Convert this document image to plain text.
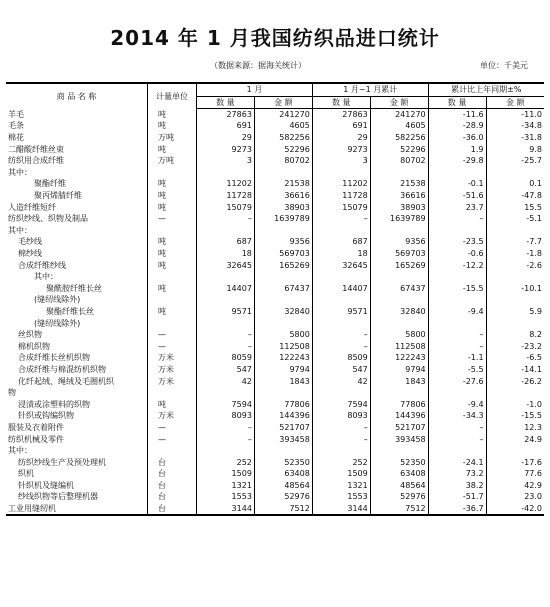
2014 年 1 月我国纺织品进口统计
（数据来源：据海关统计）	单位：千美元
商 品 名 称	计量单位	1 月		1 月~1 月累计		累计比上年同期±%	
		数 量	金 额	数 量	金 额	数 量	金 额
羊毛	吨	27863	241270	27863	241270	-11.6	-11.0
毛条	吨	691	4605	691	4605	-28.9	-34.8
棉花	万吨	29	582256	29	582256	-36.0	-31.8
二醋酸纤维丝束	吨	9273	52296	9273	52296	1.9	9.8
纺织用合成纤维	万吨	3	80702	3	80702	-29.8	-25.7
其中：							
聚酯纤维	吨	11202	21538	11202	21538	-0.1	0.1
聚丙烯腈纤维	吨	11728	36616	11728	36616	-51.6	-47.8
人造纤维短纤	吨	15079	38903	15079	38903	23.7	15.5
纺织纱线、织物及制品	—	–	1639789	–	1639789	–	-5.1
其中：							
毛纱线	吨	687	9356	687	9356	-23.5	-7.7
棉纱线	吨	18	569703	18	569703	-0.6	-1.8
合成纤维纱线	吨	32645	165269	32645	165269	-12.2	-2.6
其中：							
聚酰胺纤维长丝	吨	14407	67437	14407	67437	-15.5	-10.1
(缝纫线除外)							
聚酯纤维长丝	吨	9571	32840	9571	32840	-9.4	5.9
(缝纫线除外)							
丝织物	—	–	5800	–	5800	–	8.2
棉机织物	—	–	112508	–	112508	–	-23.2
合成纤维长丝机织物	万米	8059	122243	8509	122243	-1.1	-6.5
合成纤维与棉混纺机织物	万米	547	9794	547	9794	-5.5	-14.1
化纤起绒、绳绒及毛圈机织	万米	42	1843	42	1843	-27.6	-26.2
物							
浸渍或涂塑料的织物	吨	7594	77806	7594	77806	-9.4	-1.0
针织或钩编织物	万米	8093	144396	8093	144396	-34.3	-15.5
服装及衣着附件	—	–	521707	–	521707	–	12.3
纺织机械及零件	—	–	393458	–	393458	–	24.9
其中：							
纺织纱线生产及预处理机	台	252	52350	252	52350	-24.1	-17.6
织机	台	1509	63408	1509	63408	73.2	77.6
针织机及缝编机	台	1321	48564	1321	48564	38.2	42.9
纱线织物等后整理机器	台	1553	52976	1553	52976	-51.7	23.0
工业用缝纫机	台	3144	7512	3144	7512	-36.7	-42.0
